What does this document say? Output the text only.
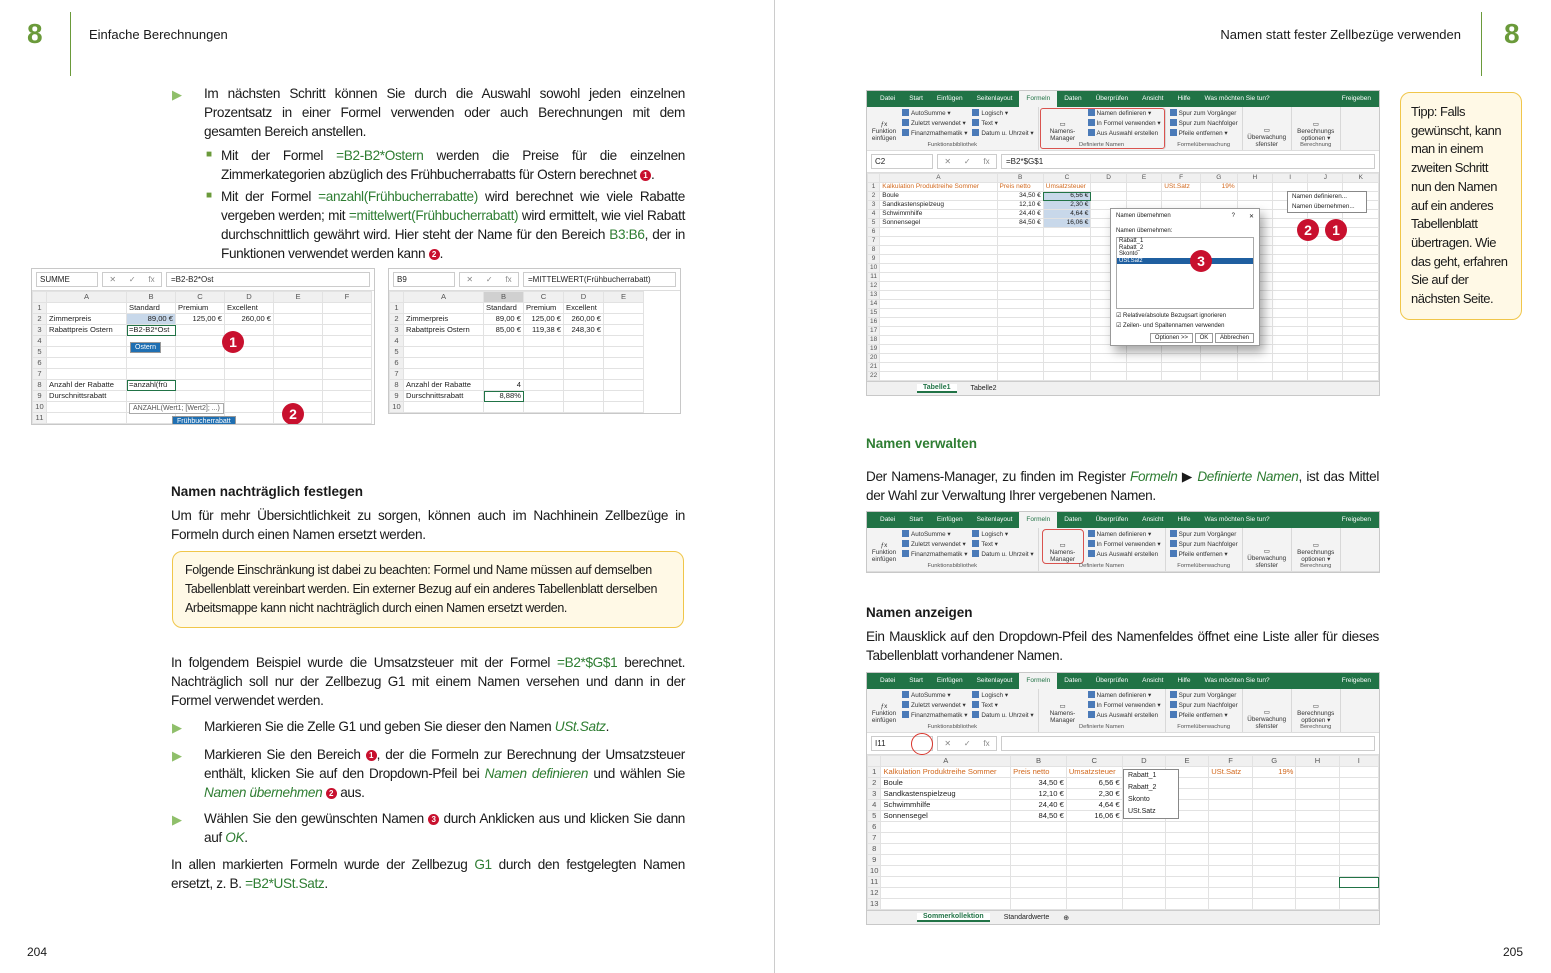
8	Einfache Berechnungen
▶ Im nächsten Schritt können Sie durch die Auswahl sowohl jeden einzelnen Prozentsatz in einer Formel verwenden oder auch Berechnungen mit dem gesamten Bereich anstellen.
■ Mit der Formel =B2-B2*Ostern werden die Preise für die einzelnen Zimmerkategorien abzüglich des Frühbucherrabatts für Ostern berechnet 1 .
■ Mit der Formel =anzahl(Frühbucherrabatte) wird berechnet wie viele Rabatte vergeben werden; mit =mittelwert(Frühbucherrabatt) wird ermittelt, wie viel Rabatt durchschnittlich gewährt wird. Hier steht der Name für den Bereich B3:B6, der in Funktionen verwendet werden kann 2 .
SUMME	✕ ✓ fx	=B2-B2*Ost
	A	B	C	D	E	F
1		Standard	Premium	Excellent		
2	Zimmerpreis	89,00 €	125,00 €	260,00 €		
3	Rabattpreis Ostern	=B2-B2*Ost				
4						
5						
6						
7						
8	Anzahl der Rabatte	=anzahl(frü				
9	Durschnittsrabatt					
10						
11						
Ostern
ANZAHL(Wert1; [Wert2]; ...)
Frühbucherrabatt
1
2
B9	✕ ✓ fx	=MITTELWERT(Frühbucherrabatt)
	A	B	C	D	E
1		Standard	Premium	Excellent	
2	Zimmerpreis	89,00 €	125,00 €	260,00 €	
3	Rabattpreis Ostern	85,00 €	119,38 €	248,30 €	
4					
5					
6					
7					
8	Anzahl der Rabatte	4			
9	Durschnittsrabatt	8,88%			
10					
Namen nachträglich festlegen
Um für mehr Übersichtlichkeit zu sorgen, können auch im Nachhinein Zellbezüge in Formeln durch einen Namen ersetzt werden.
Folgende Einschränkung ist dabei zu beachten: Formel und Name müssen auf demselben Tabellenblatt vereinbart werden. Ein externer Bezug auf ein anderes Tabellenblatt derselben Arbeitsmappe kann nicht nachträglich durch einen Namen ersetzt werden.
In folgendem Beispiel wurde die Umsatzsteuer mit der Formel =B2*$G$1 berechnet. Nachträglich soll nur der Zellbezug G1 mit einem Namen versehen und dann in der Formel verwendet werden.
▶ Markieren Sie die Zelle G1 und geben Sie dieser den Namen USt.Satz.
▶ Markieren Sie den Bereich 1 , der die Formeln zur Berechnung der Umsatzsteuer enthält, klicken Sie auf den Dropdown-Pfeil bei Namen definieren und wählen Sie Namen übernehmen 2 aus.
▶ Wählen Sie den gewünschten Namen 3 durch Anklicken aus und klicken Sie dann auf OK.
In allen markierten Formeln wurde der Zellbezug G1 durch den festgelegten Namen ersetzt, z. B. =B2*USt.Satz.
204
Namen statt fester Zellbezüge verwenden 8
Tipp: Falls gewünscht, kann man in einem zweiten Schritt nun den Namen auf ein anderes Tabellenblatt übertragen. Wie das geht, erfahren Sie auf der nächsten Seite.
Namen verwalten
Der Namens-Manager, zu finden im Register Formeln ▶ Definierte Namen, ist das Mittel der Wahl zur Verwaltung Ihrer vergebenen Namen.
Namen anzeigen
Ein Mausklick auf den Dropdown-Pfeil des Namenfeldes öffnet eine Liste aller für dieses Tabellenblatt vorhandener Namen.
205
Datei	Start	Einfügen	Seitenlayout	Formeln	Daten	Überprüfen	Ansicht	Hilfe	Was möchten Sie tun?	Freigeben
ƒx
Funktion einfügen
AutoSumme ▾
Zuletzt verwendet ▾
Finanzmathematik ▾
Logisch ▾
Text ▾
Datum u. Uhrzeit ▾
Funktionsbibliothek
▭
Namens-Manager
Namen definieren ▾
In Formel verwenden ▾
Aus Auswahl erstellen
Definierte Namen
Spur zum Vorgänger
Spur zum Nachfolger
Pfeile entfernen ▾
Formelüberwachung
▭
Überwachungsfenster
▭
Berechnungsoptionen ▾
Berechnung
C2	✕ ✓ fx	=B2*$G$1
	A	B	C	D	E	F	G	H	I	J	K
1	Kalkulation Produktreihe Sommer	Preis netto	Umsatzsteuer			USt.Satz	19%				
2	Boule	34,50 €	6,56 €								
3	Sandkastenspielzeug	12,10 €	2,30 €								
4	Schwimmhilfe	24,40 €	4,64 €								
5	Sonnensegel	84,50 €	16,06 €								
6											
7											
8											
9											
10											
11											
12											
13											
14											
15											
16											
17											
18											
19											
20											
21											
22											
Tabelle1	Tabelle2
Namen definieren...
Namen übernehmen...
2	1
Datei	Start	Einfügen	Seitenlayout	Formeln	Daten	Überprüfen	Ansicht	Hilfe	Was möchten Sie tun?	Freigeben
ƒx
Funktion einfügen
AutoSumme ▾
Zuletzt verwendet ▾
Finanzmathematik ▾
Logisch ▾
Text ▾
Datum u. Uhrzeit ▾
Funktionsbibliothek
▭
Namens-Manager
Namen definieren ▾
In Formel verwenden ▾
Aus Auswahl erstellen
Definierte Namen
Spur zum Vorgänger
Spur zum Nachfolger
Pfeile entfernen ▾
Formelüberwachung
▭
Überwachungsfenster
▭
Berechnungsoptionen ▾
Berechnung
Datei	Start	Einfügen	Seitenlayout	Formeln	Daten	Überprüfen	Ansicht	Hilfe	Was möchten Sie tun?	Freigeben
ƒx
Funktion einfügen
AutoSumme ▾
Zuletzt verwendet ▾
Finanzmathematik ▾
Logisch ▾
Text ▾
Datum u. Uhrzeit ▾
Funktionsbibliothek
▭
Namens-Manager
Namen definieren ▾
In Formel verwenden ▾
Aus Auswahl erstellen
Definierte Namen
Spur zum Vorgänger
Spur zum Nachfolger
Pfeile entfernen ▾
Formelüberwachung
▭
Überwachungsfenster
▭
Berechnungsoptionen ▾
Berechnung
I11	✕ ✓ fx
	A	B	C	D	E	F	G	H	I
1	Kalkulation Produktreihe Sommer	Preis netto	Umsatzsteuer			USt.Satz	19%		
2	Boule	34,50 €	6,56 €						
3	Sandkastenspielzeug	12,10 €	2,30 €						
4	Schwimmhilfe	24,40 €	4,64 €						
5	Sonnensegel	84,50 €	16,06 €						
6									
7									
8									
9									
10									
11									
12									
13									
Sommerkollektion	Standardwerte ⊕
Rabatt_1
Rabatt_2
Skonto
USt.Satz
Namen übernehmen	? ✕
Namen übernehmen:
Rabatt_1
Rabatt_2
Skonto
USt.Satz
☑ Relative/absolute Bezugsart ignorieren
☑ Zeilen- und Spaltennamen verwenden
Optionen >> OK Abbrechen
3
